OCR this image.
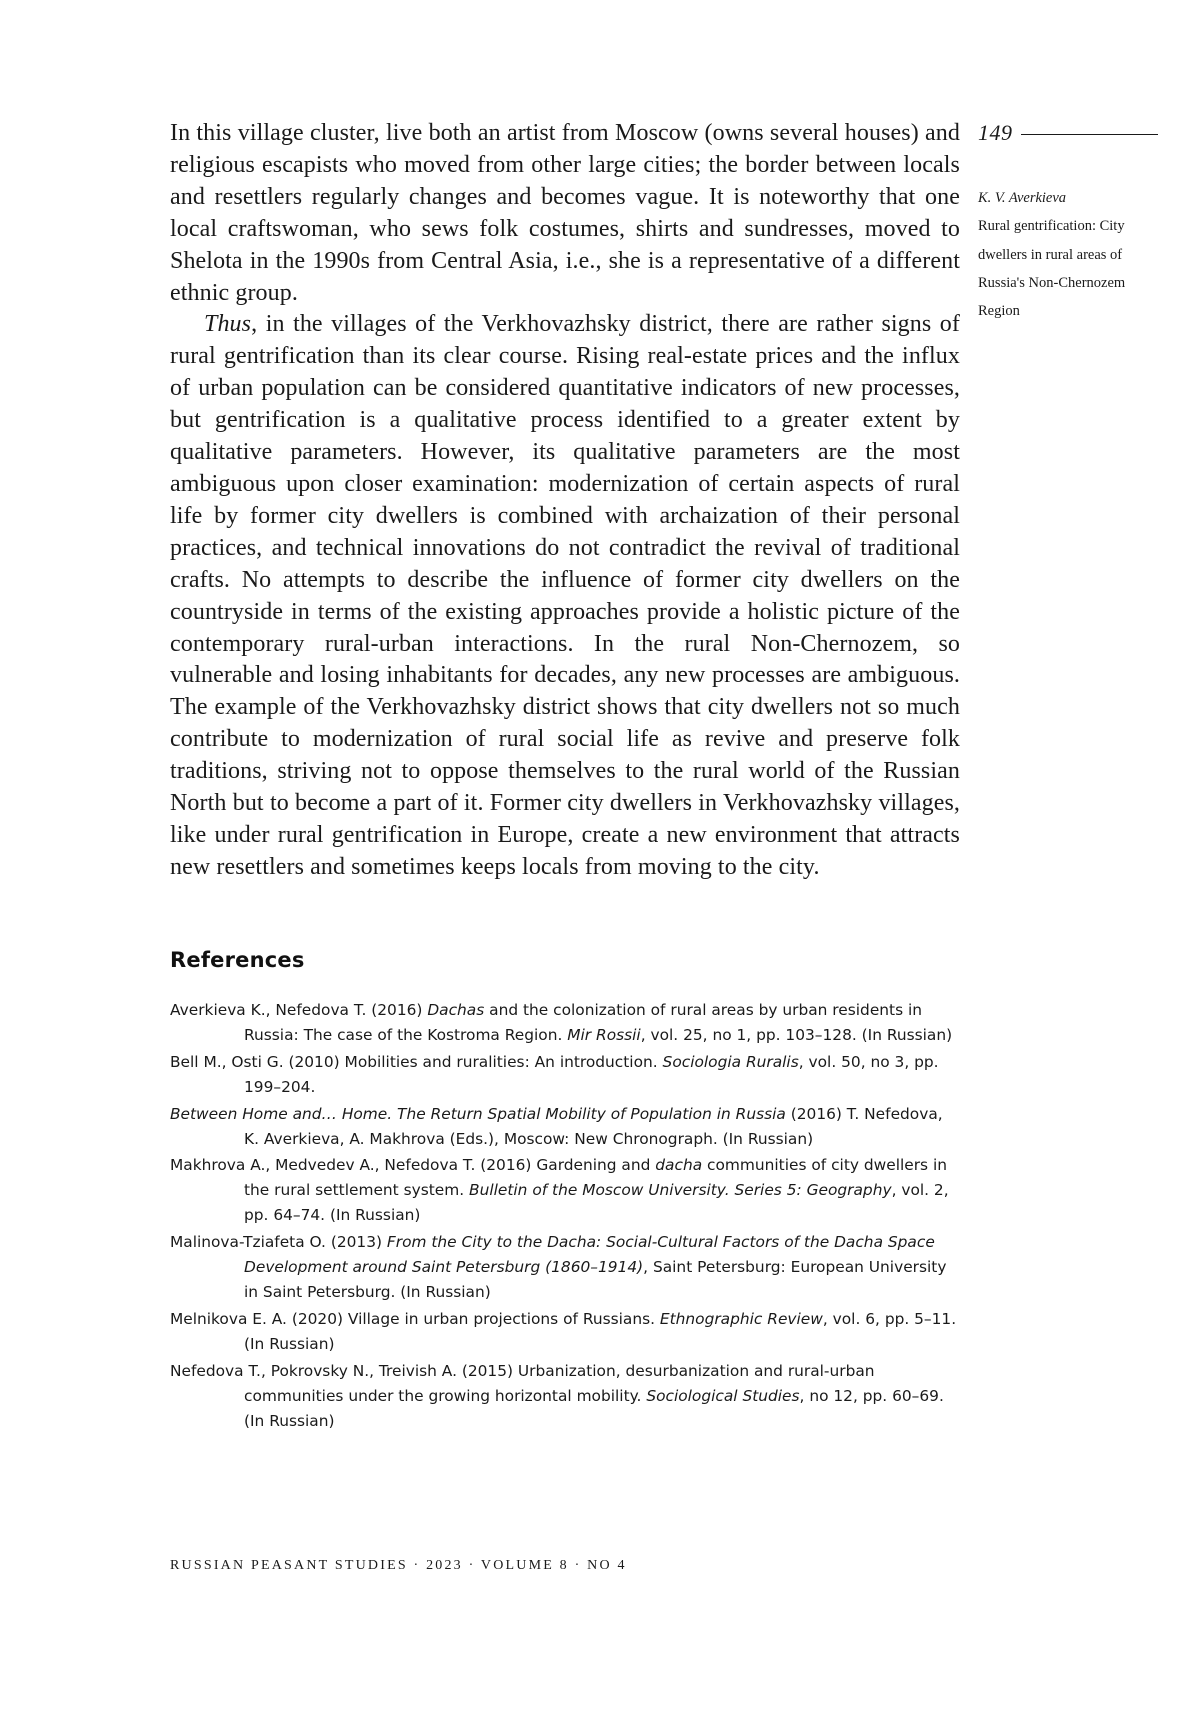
149
K. V. Averkieva
Rural gentrification: City dwellers in rural areas of Russia's Non-Chernozem Region

In this village cluster, live both an artist from Moscow (owns several houses) and religious escapists who moved from other large cities; the border between locals and resettlers regularly changes and becomes vague. It is noteworthy that one local craftswoman, who sews folk costumes, shirts and sundresses, moved to Shelota in the 1990s from Central Asia, i.e., she is a representative of a different ethnic group.

Thus, in the villages of the Verkhovazhsky district, there are rather signs of rural gentrification than its clear course. Rising real-estate prices and the influx of urban population can be considered quantitative indicators of new processes, but gentrification is a qualitative process identified to a greater extent by qualitative parameters. However, its qualitative parameters are the most ambiguous upon closer examination: modernization of certain aspects of rural life by former city dwellers is combined with archaization of their personal practices, and technical innovations do not contradict the revival of traditional crafts. No attempts to describe the influence of former city dwellers on the countryside in terms of the existing approaches provide a holistic picture of the contemporary rural-urban interactions. In the rural Non-Chernozem, so vulnerable and losing inhabitants for decades, any new processes are ambiguous. The example of the Verkhovazhsky district shows that city dwellers not so much contribute to modernization of rural social life as revive and preserve folk traditions, striving not to oppose themselves to the rural world of the Russian North but to become a part of it. Former city dwellers in Verkhovazhsky villages, like under rural gentrification in Europe, create a new environment that attracts new resettlers and sometimes keeps locals from moving to the city.

References
Averkieva K., Nefedova T. (2016) Dachas and the colonization of rural areas by urban residents in Russia: The case of the Kostroma Region. Mir Rossii, vol. 25, no 1, pp. 103–128. (In Russian)
Bell M., Osti G. (2010) Mobilities and ruralities: An introduction. Sociologia Ruralis, vol. 50, no 3, pp. 199–204.
Between Home and… Home. The Return Spatial Mobility of Population in Russia (2016) T. Nefedova, K. Averkieva, A. Makhrova (Eds.), Moscow: New Chronograph. (In Russian)
Makhrova A., Medvedev A., Nefedova T. (2016) Gardening and dacha communities of city dwellers in the rural settlement system. Bulletin of the Moscow University. Series 5: Geography, vol. 2, pp. 64–74. (In Russian)
Malinova-Tziafeta O. (2013) From the City to the Dacha: Social-Cultural Factors of the Dacha Space Development around Saint Petersburg (1860–1914), Saint Petersburg: European University in Saint Petersburg. (In Russian)
Melnikova E. A. (2020) Village in urban projections of Russians. Ethnographic Review, vol. 6, pp. 5–11. (In Russian)
Nefedova T., Pokrovsky N., Treivish A. (2015) Urbanization, desurbanization and rural-urban communities under the growing horizontal mobility. Sociological Studies, no 12, pp. 60–69. (In Russian)
RUSSIAN PEASANT STUDIES · 2023 · VOLUME 8 · NO 4
